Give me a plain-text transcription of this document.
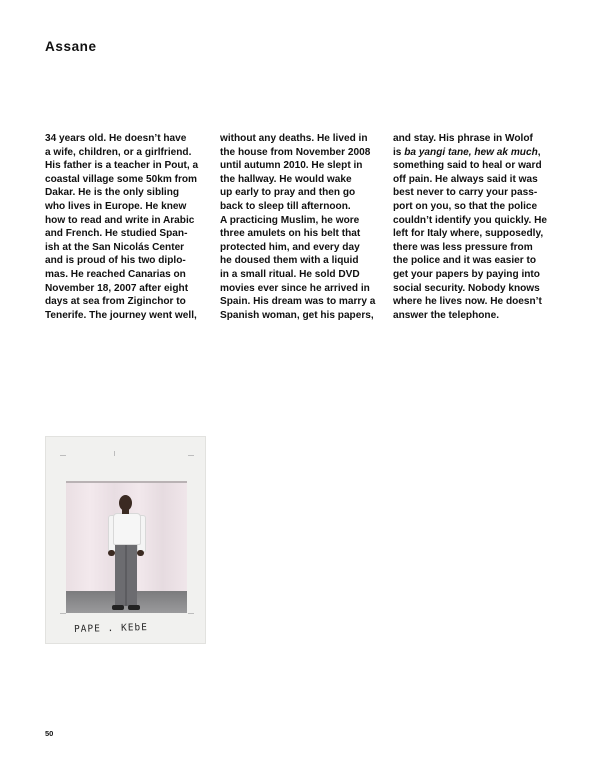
Assane
34 years old. He doesn’t have
a wife, children, or a girlfriend.
His father is a teacher in Pout, a
coastal village some 50km from
Dakar. He is the only sibling
who lives in Europe. He knew
how to read and write in Arabic
and French. He studied Span-
ish at the San Nicolás Center
and is proud of his two diplo-
mas. He reached Canarias on
November 18, 2007 after eight
days at sea from Ziginchor to
Tenerife. The journey went well,
without any deaths. He lived in
the house from November 2008
until autumn 2010. He slept in
the hallway. He would wake
up early to pray and then go
back to sleep till afternoon.
A practicing Muslim, he wore
three amulets on his belt that
protected him, and every day
he doused them with a liquid
in a small ritual. He sold DVD
movies ever since he arrived in
Spain. His dream was to marry a
Spanish woman, get his papers,
and stay. His phrase in Wolof
is ba yangi tane, hew ak much,
something said to heal or ward
off pain. He always said it was
best never to carry your pass-
port on you, so that the police
couldn’t identify you quickly. He
left for Italy where, supposedly,
there was less pressure from
the police and it was easier to
get your papers by paying into
social security. Nobody knows
where he lives now. He doesn’t
answer the telephone.
PAPE . KEbE
50
